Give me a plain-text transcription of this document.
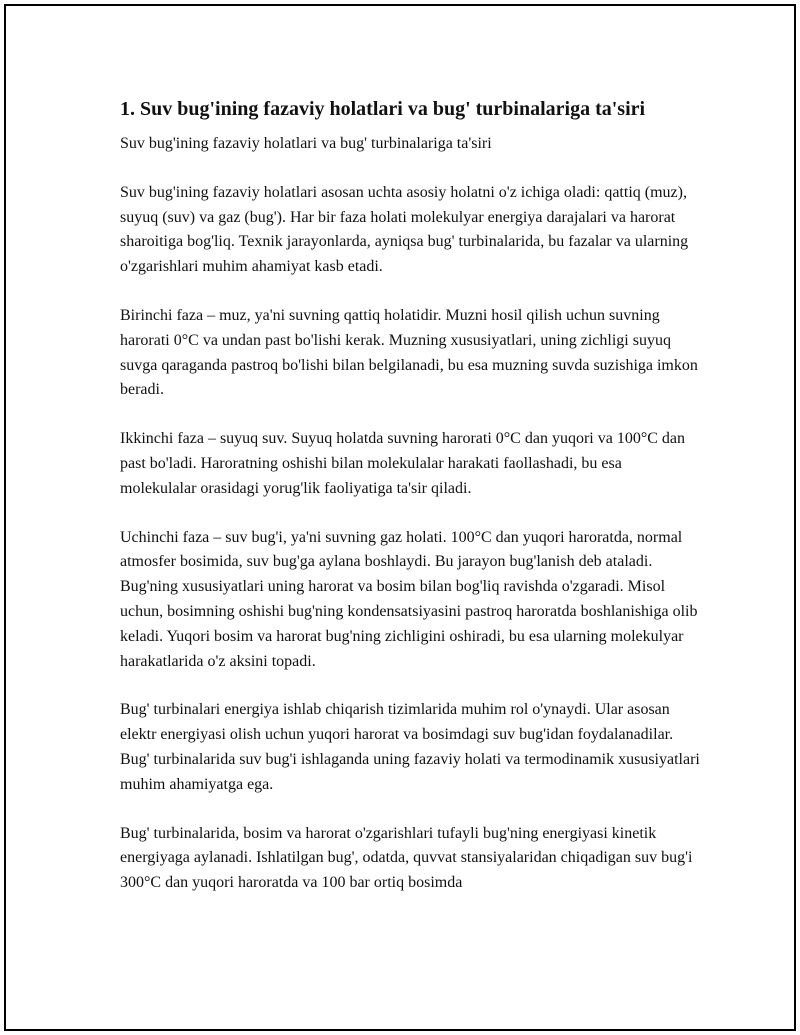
1. Suv bug'ining fazaviy holatlari va bug' turbinalariga ta'siri

Suv bug'ining fazaviy holatlari va bug' turbinalariga ta'siri

Suv bug'ining fazaviy holatlari asosan uchta asosiy holatni o'z ichiga oladi: qattiq (muz), suyuq (suv) va gaz (bug'). Har bir faza holati molekulyar energiya darajalari va harorat sharoitiga bog'liq. Texnik jarayonlarda, ayniqsa bug' turbinalarida, bu fazalar va ularning o'zgarishlari muhim ahamiyat kasb etadi.

Birinchi faza – muz, ya'ni suvning qattiq holatidir. Muzni hosil qilish uchun suvning harorati 0°C va undan past bo'lishi kerak. Muzning xususiyatlari, uning zichligi suyuq suvga qaraganda pastroq bo'lishi bilan belgilanadi, bu esa muzning suvda suzishiga imkon beradi.

Ikkinchi faza – suyuq suv. Suyuq holatda suvning harorati 0°C dan yuqori va 100°C dan past bo'ladi. Haroratning oshishi bilan molekulalar harakati faollashadi, bu esa molekulalar orasidagi yorug'lik faoliyatiga ta'sir qiladi.

Uchinchi faza – suv bug'i, ya'ni suvning gaz holati. 100°C dan yuqori haroratda, normal atmosfer bosimida, suv bug'ga aylana boshlaydi. Bu jarayon bug'lanish deb ataladi. Bug'ning xususiyatlari uning harorat va bosim bilan bog'liq ravishda o'zgaradi. Misol uchun, bosimning oshishi bug'ning kondensatsiyasini pastroq haroratda boshlanishiga olib keladi. Yuqori bosim va harorat bug'ning zichligini oshiradi, bu esa ularning molekulyar harakatlarida o'z aksini topadi.

Bug' turbinalari energiya ishlab chiqarish tizimlarida muhim rol o'ynaydi. Ular asosan elektr energiyasi olish uchun yuqori harorat va bosimdagi suv bug'idan foydalanadilar. Bug' turbinalarida suv bug'i ishlaganda uning fazaviy holati va termodinamik xususiyatlari muhim ahamiyatga ega.

Bug' turbinalarida, bosim va harorat o'zgarishlari tufayli bug'ning energiyasi kinetik energiyaga aylanadi. Ishlatilgan bug', odatda, quvvat stansiyalaridan chiqadigan suv bug'i 300°C dan yuqori haroratda va 100 bar ortiq bosimda
